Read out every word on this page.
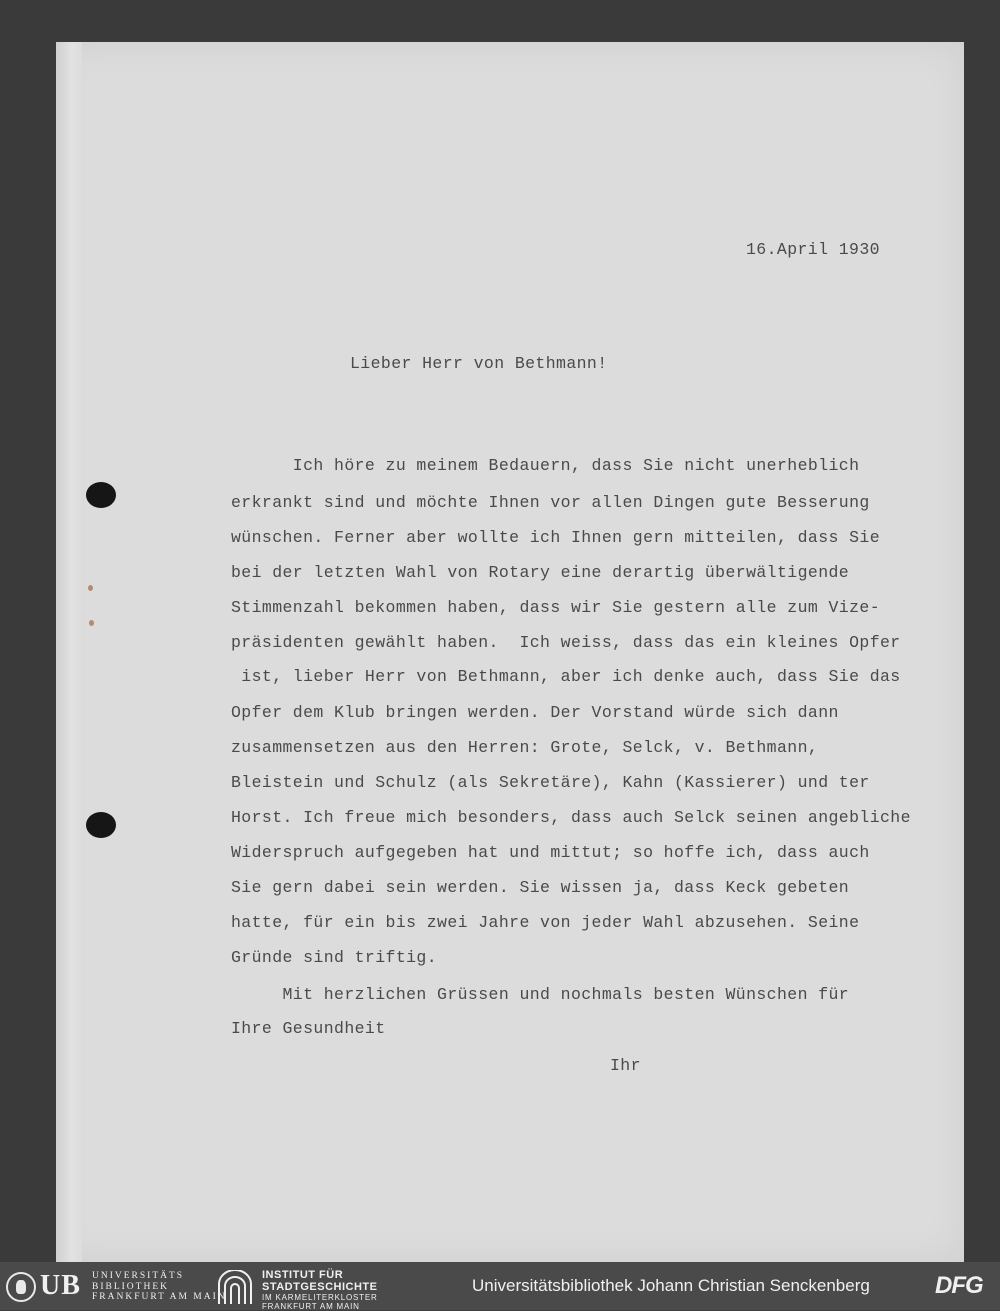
16.April 1930
Lieber Herr von Bethmann!
Ich höre zu meinem Bedauern, dass Sie nicht unerheblich
erkrankt sind und möchte Ihnen vor allen Dingen gute Besserung
wünschen. Ferner aber wollte ich Ihnen gern mitteilen, dass Sie
bei der letzten Wahl von Rotary eine derartig überwältigende
Stimmenzahl bekommen haben, dass wir Sie gestern alle zum Vize-
präsidenten gewählt haben.  Ich weiss, dass das ein kleines Opfer
ist, lieber Herr von Bethmann, aber ich denke auch, dass Sie das
Opfer dem Klub bringen werden. Der Vorstand würde sich dann
zusammensetzen aus den Herren: Grote, Selck, v. Bethmann,
Bleistein und Schulz (als Sekretäre), Kahn (Kassierer) und ter
Horst. Ich freue mich besonders, dass auch Selck seinen angebliche
Widerspruch aufgegeben hat und mittut; so hoffe ich, dass auch
Sie gern dabei sein werden. Sie wissen ja, dass Keck gebeten
hatte, für ein bis zwei Jahre von jeder Wahl abzusehen. Seine
Gründe sind triftig.
Mit herzlichen Grüssen und nochmals besten Wünschen für
Ihre Gesundheit
Ihr
UB UNIVERSITÄTS
BIBLIOTHEK
FRANKFURT AM MAIN
INSTITUT FÜR
STADTGESCHICHTE
IM KARMELITERKLOSTER
FRANKFURT AM MAIN
Universitätsbibliothek Johann Christian Senckenberg	DFG
